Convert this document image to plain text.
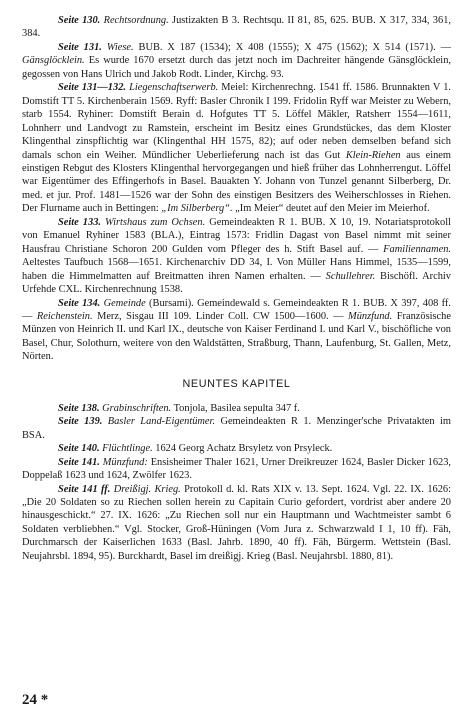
Seite 130. Rechtsordnung. Justizakten B 3. Rechtsqu. II 81, 85, 625. BUB. X 317, 334, 361, 384.

Seite 131. Wiese. BUB. X 187 (1534); X 408 (1555); X 475 (1562); X 514 (1571). — Gänsglöcklein. Es wurde 1670 ersetzt durch das jetzt noch im Dachreiter hängende Gänsglöcklein, gegossen von Hans Ulrich und Jakob Rodt. Linder, Kirchg. 93.

Seite 131—132. Liegenschaftserwerb. Meiel: Kirchenrechng. 1541 ff. 1586. Brunnakten V 1. Domstift TT 5. Kirchenberain 1569. Ryff: Basler Chronik I 199. Fridolin Ryff war Meister zu Webern, starb 1554. Ryhiner: Domstift Berain d. Hofgutes TT 5. Löffel Mäkler, Ratsherr 1554—1611, Lohnherr und Landvogt zu Ramstein, erscheint im Besitz eines Grundstückes, das dem Kloster Klingenthal zinspflichtig war (Klingenthal HH 1575, 82); auf oder neben demselben befand sich damals schon ein Weiher. Mündlicher Ueberlieferung nach ist das Gut Klein-Riehen aus einem einstigen Rebgut des Klosters Klingenthal hervorgegangen und hieß früher das Lohnherrengut. Löffel war Eigentümer des Effingerhofs in Basel. Bauakten Y. Johann von Tunzel genannt Silberberg, Dr. med. et jur. Prof. 1481—1526 war der Sohn des einstigen Besitzers des Weiherschlosses in Riehen. Der Flurname auch in Bettingen: „Im Silberberg“. „Im Meier“ deutet auf den Meier im Meierhof.

Seite 133. Wirtshaus zum Ochsen. Gemeindeakten R 1. BUB. X 10, 19. Notariatsprotokoll von Emanuel Ryhiner 1583 (BLA.), Eintrag 1573: Fridlin Dagast von Basel nimmt mit seiner Hausfrau Christiane Schoron 200 Gulden vom Pfleger des h. Stift Basel auf. — Familiennamen. Aeltestes Taufbuch 1568—1651. Kirchenarchiv DD 34, I. Von Müller Hans Himmel, 1535—1599, haben die Himmelmatten auf Breitmatten ihren Namen erhalten. — Schullehrer. Bischöfl. Archiv Urfehde CXL. Kirchenrechnung 1538.

Seite 134. Gemeinde (Bursami). Gemeindewald s. Gemeindeakten R 1. BUB. X 397, 408 ff. — Reichenstein. Merz, Sisgau III 109. Linder Coll. CW 1500—1600. — Münzfund. Französische Münzen von Heinrich II. und Karl IX., deutsche von Kaiser Ferdinand I. und Karl V., bischöfliche von Basel, Chur, Solothurn, weitere von den Waldstätten, Straßburg, Thann, Laufenburg, St. Gallen, Metz, Nörten.

NEUNTES KAPITEL

Seite 138. Grabinschriften. Tonjola, Basilea sepulta 347 f.

Seite 139. Basler Land-Eigentümer. Gemeindeakten R 1. Menzinger'sche Privatakten im BSA.

Seite 140. Flüchtlinge. 1624 Georg Achatz Brsyletz von Prsyleck.

Seite 141. Münzfund: Ensisheimer Thaler 1621, Urner Dreikreuzer 1624, Basler Dicker 1623, Doppelaß 1623 und 1624, Zwölfer 1623.

Seite 141 ff. Dreißigj. Krieg. Protokoll d. kl. Rats XIX v. 13. Sept. 1624. Vgl. 22. IX. 1626: „Die 20 Soldaten so zu Riechen sollen herein zu Capitain Curio gefordert, vordrist aber andere 20 hinausgeschickt.“ 27. IX. 1626: „Zu Riechen soll nur ein Hauptmann und Wachtmeister sambt 6 Soldaten verbliebhen.“ Vgl. Stocker, Groß-Hüningen (Vom Jura z. Schwarzwald I 1, 10 ff). Fäh, Durchmarsch der Kaiserlichen 1633 (Basl. Jahrb. 1890, 40 ff). Fäh, Bürgerm. Wettstein (Basl. Neujahrsbl. 1894, 95). Burckhardt, Basel im dreißigj. Krieg (Basl. Neujahrsbl. 1880, 81).

24 *
